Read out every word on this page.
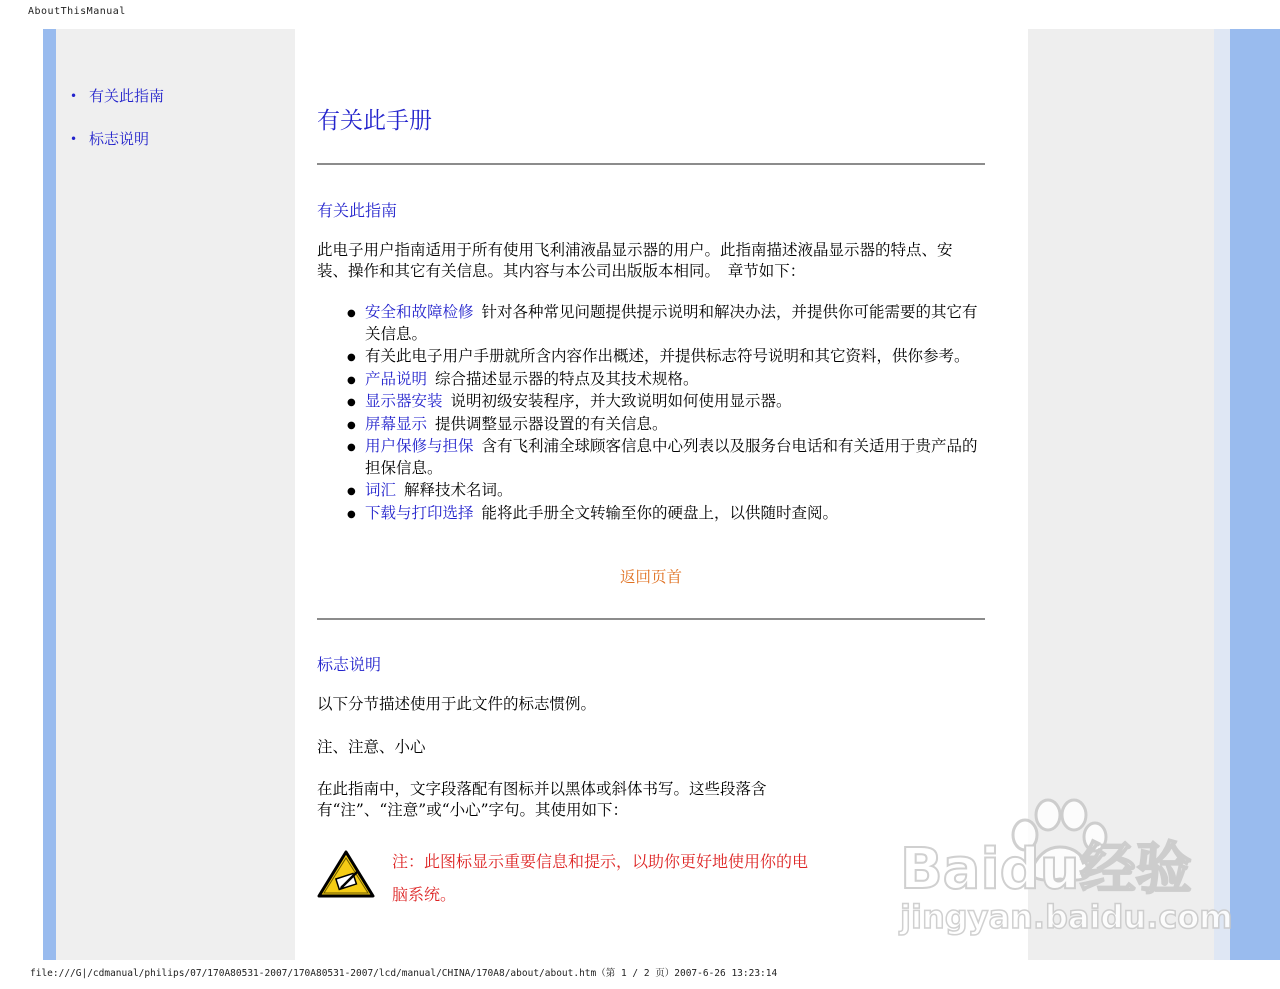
AboutThisManual
• 有关此指南
• 标志说明
有关此手册
有关此指南

此电子用户指南适用于所有使用飞利浦液晶显示器的用户。此指南描述液晶显示器的特点、安装、操作和其它有关信息。其内容与本公司出版版本相同。　章节如下：

● 安全和故障检修 针对各种常见问题提供提示说明和解决办法，并提供你可能需要的其它有关信息。
● 有关此电子用户手册就所含内容作出概述，并提供标志符号说明和其它资料，供你参考。
● 产品说明 综合描述显示器的特点及其技术规格。
● 显示器安装 说明初级安装程序，并大致说明如何使用显示器。
● 屏幕显示 提供调整显示器设置的有关信息。
● 用户保修与担保 含有飞利浦全球顾客信息中心列表以及服务台电话和有关适用于贵产品的担保信息。
● 词汇 解释技术名词。
● 下载与打印选择 能将此手册全文转输至你的硬盘上，以供随时查阅。
返回页首
标志说明

以下分节描述使用于此文件的标志惯例。

注、注意、小心

在此指南中，文字段落配有图标并以黑体或斜体书写。这些段落含有“注”、“注意”或“小心”字句。其使用如下：

注：此图标显示重要信息和提示，以助你更好地使用你的电脑系统。	Baidu经验
jingyan.baidu.com
file:///G|/cdmanual/philips/07/170A80531-2007/170A80531-2007/lcd/manual/CHINA/170A8/about/about.htm（第 1 / 2 页）2007-6-26 13:23:14
